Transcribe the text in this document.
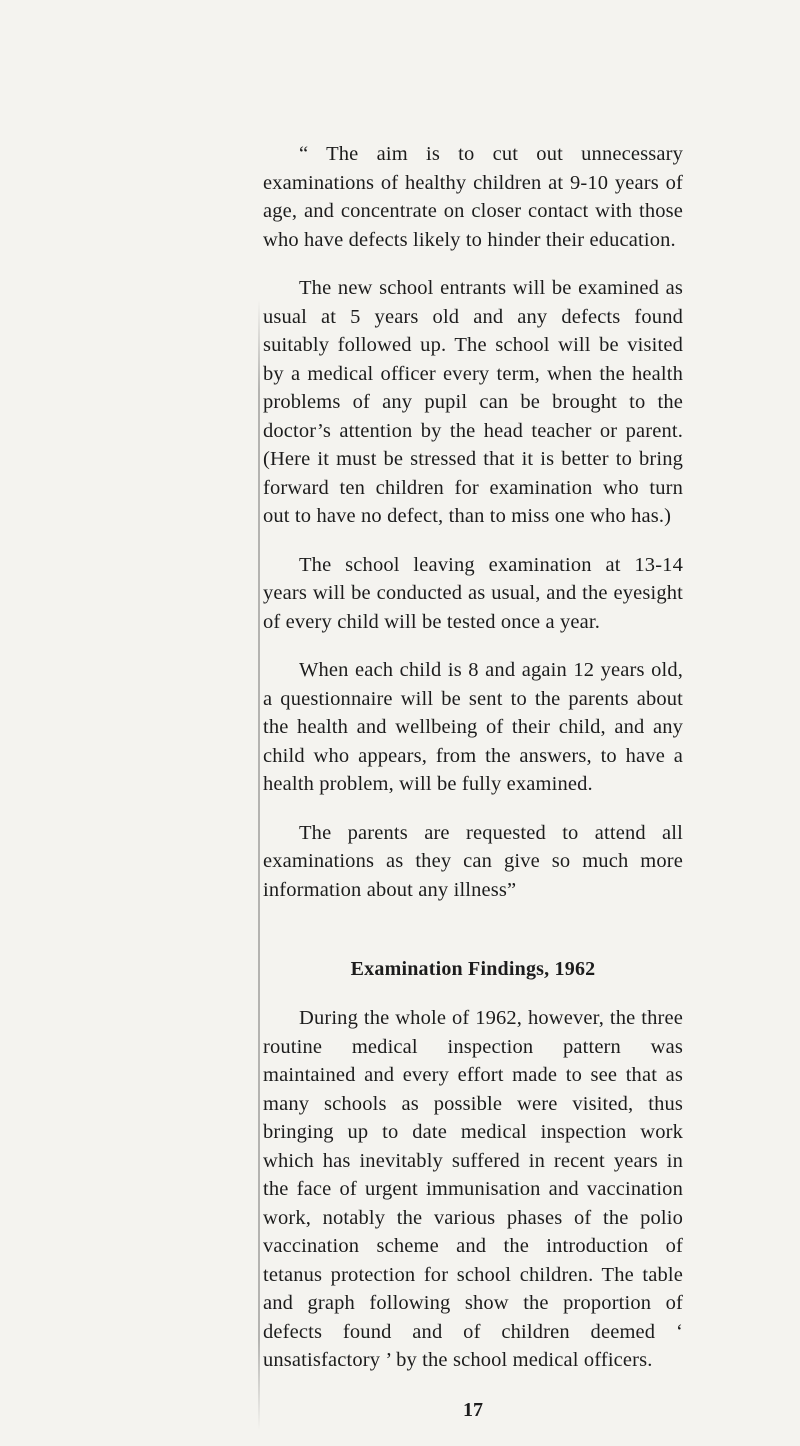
“ The aim is to cut out unnecessary examinations of healthy children at 9-10 years of age, and concentrate on closer contact with those who have defects likely to hinder their education.

The new school entrants will be examined as usual at 5 years old and any defects found suitably followed up. The school will be visited by a medical officer every term, when the health problems of any pupil can be brought to the doctor’s attention by the head teacher or parent. (Here it must be stressed that it is better to bring forward ten children for examination who turn out to have no defect, than to miss one who has.)

The school leaving examination at 13-14 years will be conducted as usual, and the eyesight of every child will be tested once a year.

When each child is 8 and again 12 years old, a questionnaire will be sent to the parents about the health and wellbeing of their child, and any child who appears, from the answers, to have a health problem, will be fully examined.

The parents are requested to attend all examinations as they can give so much more information about any illness”

Examination Findings, 1962

During the whole of 1962, however, the three routine medical inspection pattern was maintained and every effort made to see that as many schools as possible were visited, thus bringing up to date medical inspection work which has inevitably suffered in recent years in the face of urgent immunisation and vaccination work, notably the various phases of the polio vaccination scheme and the introduction of tetanus protection for school children. The table and graph following show the proportion of defects found and of children deemed ‘ unsatisfactory ’ by the school medical officers.

17
